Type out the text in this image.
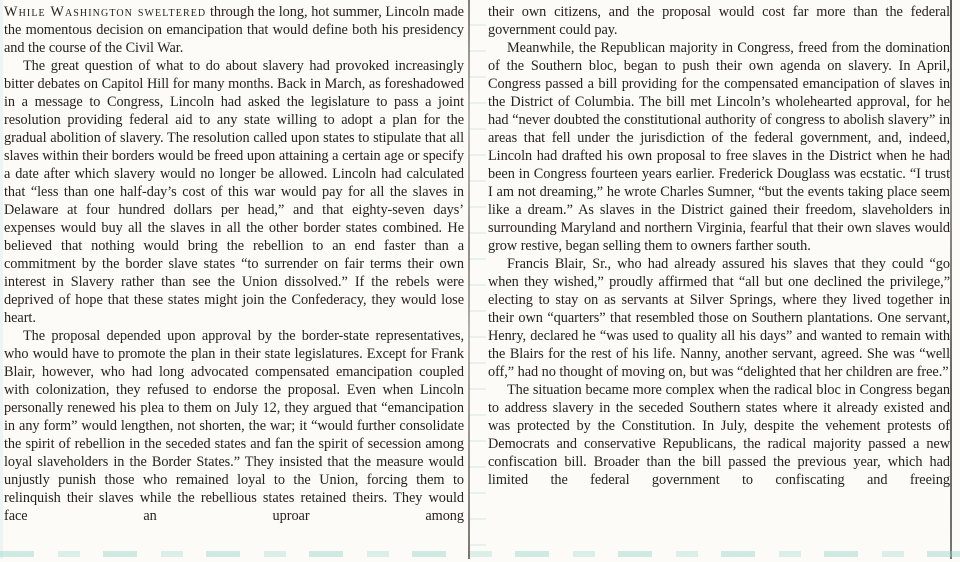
While Washington sweltered through the long, hot summer, Lincoln made the momentous decision on emancipation that would define both his presidency and the course of the Civil War.

The great question of what to do about slavery had provoked increasingly bitter debates on Capitol Hill for many months. Back in March, as foreshadowed in a message to Congress, Lincoln had asked the legislature to pass a joint resolution providing federal aid to any state willing to adopt a plan for the gradual abolition of slavery. The resolution called upon states to stipulate that all slaves within their borders would be freed upon attaining a certain age or specify a date after which slavery would no longer be allowed. Lincoln had calculated that “less than one half-day’s cost of this war would pay for all the slaves in Delaware at four hundred dollars per head,” and that eighty-seven days’ expenses would buy all the slaves in all the other border states combined. He believed that nothing would bring the rebellion to an end faster than a commitment by the border slave states “to surrender on fair terms their own interest in Slavery rather than see the Union dissolved.” If the rebels were deprived of hope that these states might join the Confederacy, they would lose heart.

The proposal depended upon approval by the border-state representatives, who would have to promote the plan in their state legislatures. Except for Frank Blair, however, who had long advocated compensated emancipation coupled with colonization, they refused to endorse the proposal. Even when Lincoln personally renewed his plea to them on July 12, they argued that “emancipation in any form” would lengthen, not shorten, the war; it “would further consolidate the spirit of rebellion in the seceded states and fan the spirit of secession among loyal slaveholders in the Border States.” They insisted that the measure would unjustly punish those who remained loyal to the Union, forcing them to relinquish their slaves while the rebellious states retained theirs. They would face an uproar among

their own citizens, and the proposal would cost far more than the federal government could pay.

Meanwhile, the Republican majority in Congress, freed from the domination of the Southern bloc, began to push their own agenda on slavery. In April, Congress passed a bill providing for the compensated emancipation of slaves in the District of Columbia. The bill met Lincoln’s wholehearted approval, for he had “never doubted the constitutional authority of congress to abolish slavery” in areas that fell under the jurisdiction of the federal government, and, indeed, Lincoln had drafted his own proposal to free slaves in the District when he had been in Congress fourteen years earlier. Frederick Douglass was ecstatic. “I trust I am not dreaming,” he wrote Charles Sumner, “but the events taking place seem like a dream.” As slaves in the District gained their freedom, slaveholders in surrounding Maryland and northern Virginia, fearful that their own slaves would grow restive, began selling them to owners farther south.

Francis Blair, Sr., who had already assured his slaves that they could “go when they wished,” proudly affirmed that “all but one declined the privilege,” electing to stay on as servants at Silver Springs, where they lived together in their own “quarters” that resembled those on Southern plantations. One servant, Henry, declared he “was used to quality all his days” and wanted to remain with the Blairs for the rest of his life. Nanny, another servant, agreed. She was “well off,” had no thought of moving on, but was “delighted that her children are free.”

The situation became more complex when the radical bloc in Congress began to address slavery in the seceded Southern states where it already existed and was protected by the Constitution. In July, despite the vehement protests of Democrats and conservative Republicans, the radical majority passed a new confiscation bill. Broader than the bill passed the previous year, which had limited the federal government to confiscating and freeing
